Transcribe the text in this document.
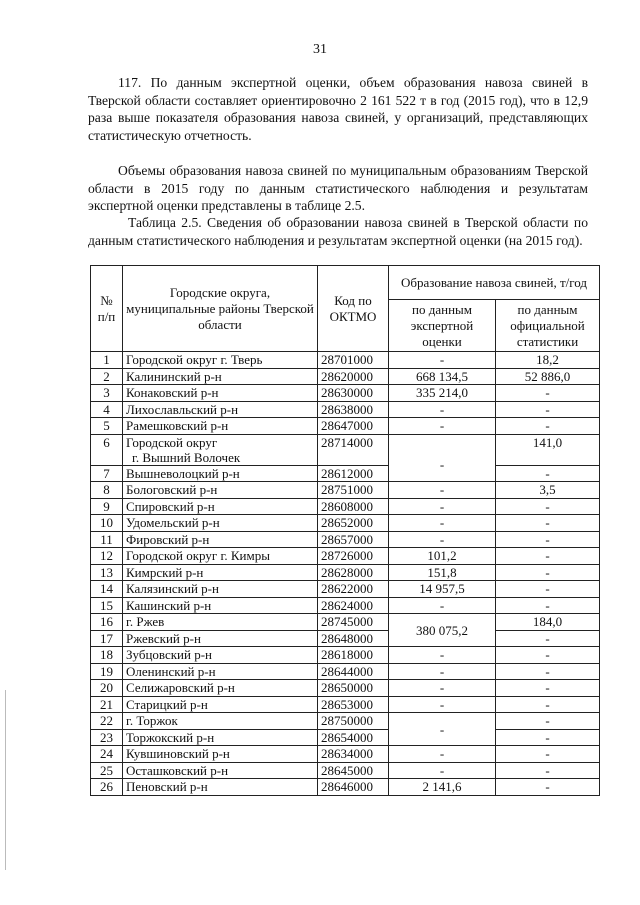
31

117. По данным экспертной оценки, объем образования навоза свиней в Тверской области составляет ориентировочно 2 161 522 т в год (2015 год), что в 12,9 раза выше показателя образования навоза свиней, у организаций, представляющих статистическую отчетность.

Объемы образования навоза свиней по муниципальным образованиям Тверской области в 2015 году по данным статистического наблюдения и результатам экспертной оценки представлены в таблице 2.5.

Таблица 2.5. Сведения об образовании навоза свиней в Тверской области по данным статистического наблюдения и результатам экспертной оценки (на 2015 год).

№ п/п	Городские округа, муниципальные районы Тверской области	Код по ОКТМО	Образование навоза свиней, т/год	
			по данным экспертной оценки	по данным официальной статистики
1	Городской округ г. Тверь	28701000	-	18,2
2	Калининский р-н	28620000	668 134,5	52 886,0
3	Конаковский р-н	28630000	335 214,0	-
4	Лихославльский р-н	28638000	-	-
5	Рамешковский р-н	28647000	-	-
6	Городской округ
г. Вышний Волочек	28714000	-	141,0
7	Вышневолоцкий р-н	28612000		-
8	Бологовский р-н	28751000	-	3,5
9	Спировский р-н	28608000	-	-
10	Удомельский р-н	28652000	-	-
11	Фировский р-н	28657000	-	-
12	Городской округ г. Кимры	28726000	101,2	-
13	Кимрский р-н	28628000	151,8	-
14	Калязинский р-н	28622000	14 957,5	-
15	Кашинский р-н	28624000	-	-
16	г. Ржев	28745000	380 075,2	184,0
17	Ржевский р-н	28648000		-
18	Зубцовский р-н	28618000	-	-
19	Оленинский р-н	28644000	-	-
20	Селижаровский р-н	28650000	-	-
21	Старицкий р-н	28653000	-	-
22	г. Торжок	28750000	-	-
23	Торжокский р-н	28654000		-
24	Кувшиновский р-н	28634000	-	-
25	Осташковский р-н	28645000	-	-
26	Пеновский р-н	28646000	2 141,6	-
